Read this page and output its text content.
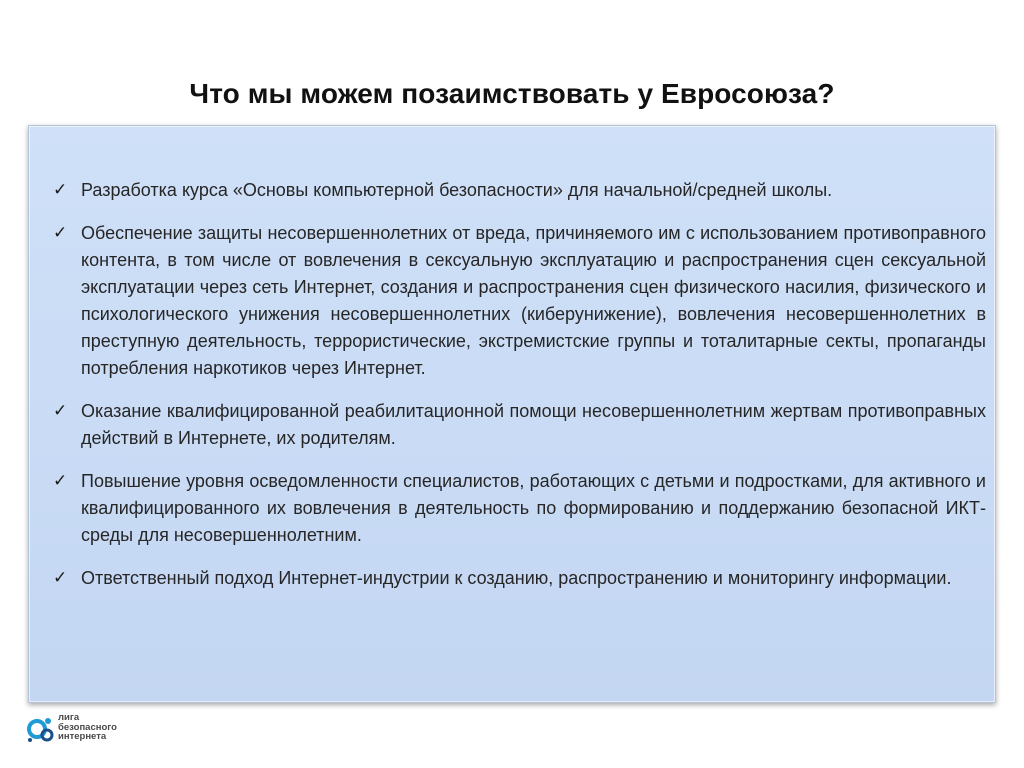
Что мы можем позаимствовать у Евросоюза?
✓ Разработка курса «Основы компьютерной безопасности» для начальной/средней школы.
✓ Обеспечение защиты несовершеннолетних от вреда, причиняемого им с использованием противоправного контента, в том числе от вовлечения в сексуальную эксплуатацию и распространения сцен сексуальной эксплуатации через сеть Интернет, создания и распространения сцен физического насилия, физического и психологического унижения несовершеннолетних (киберунижение), вовлечения несовершеннолетних в преступную деятельность, террористические, экстремистские группы и тоталитарные секты, пропаганды потребления наркотиков через Интернет.
✓ Оказание квалифицированной реабилитационной помощи несовершеннолетним жертвам противоправных действий в Интернете, их родителям.
✓ Повышение уровня осведомленности специалистов, работающих с детьми и подростками, для активного и квалифицированного их вовлечения в деятельность по формированию и поддержанию безопасной ИКТ-среды для несовершеннолетним.
✓ Ответственный подход Интернет-индустрии к созданию, распространению и мониторингу информации.
лига
безопасного
интернета
